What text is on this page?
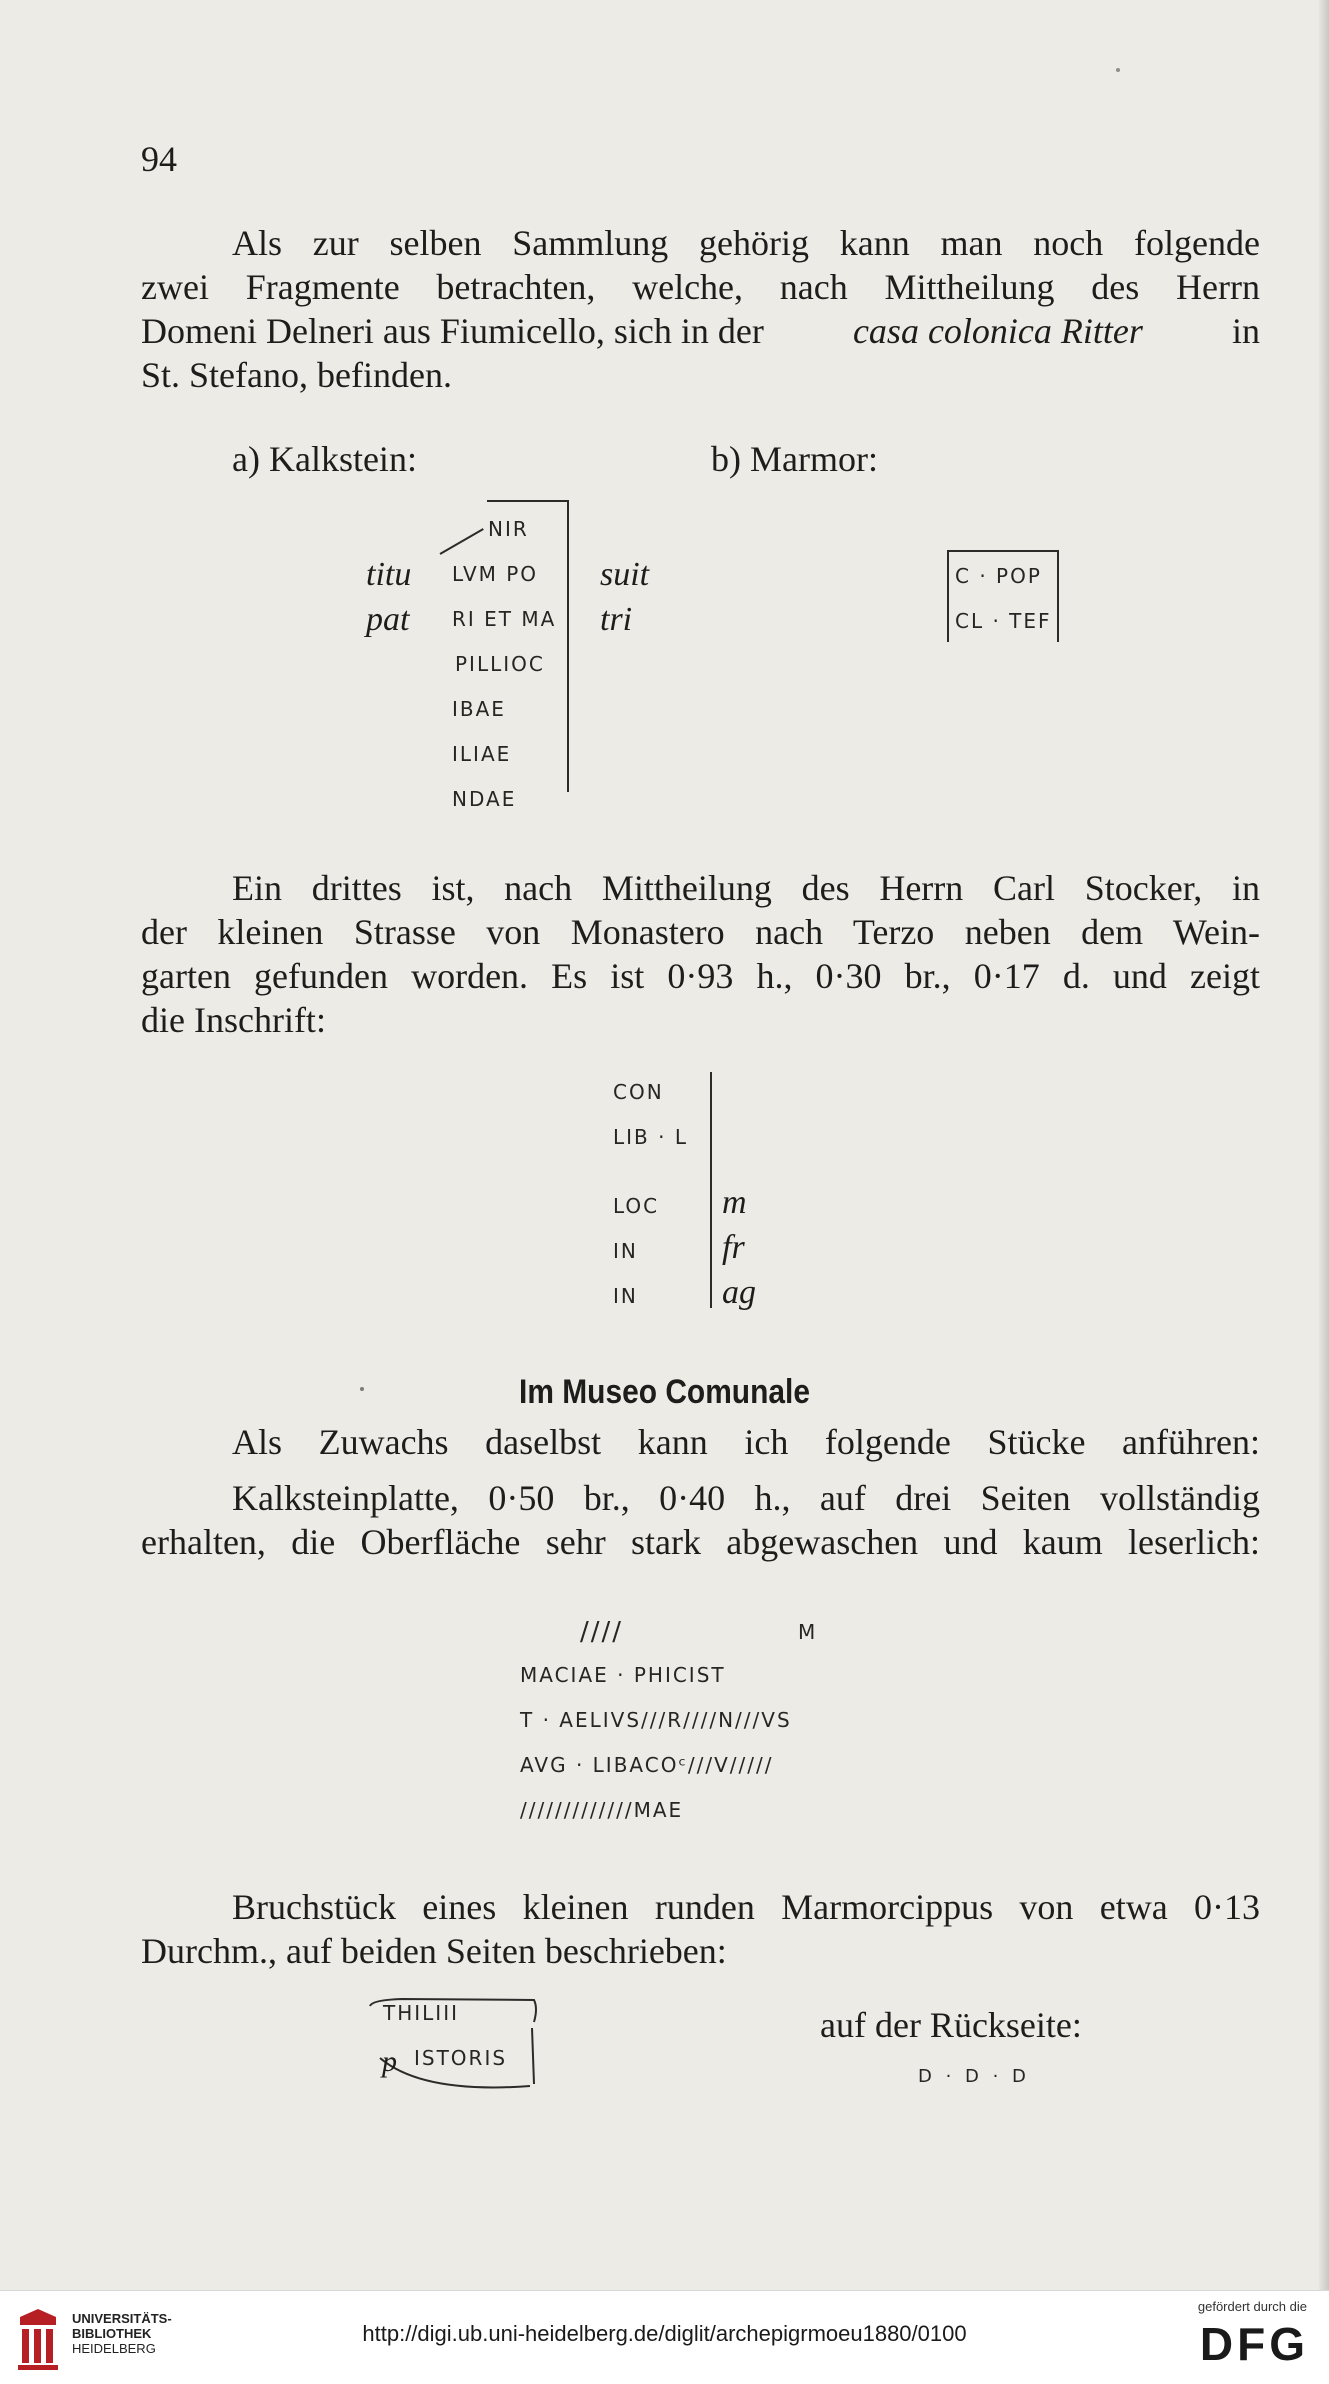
94
Als zur selben Sammlung gehörig kann man noch folgende
zwei Fragmente betrachten, welche, nach Mittheilung des Herrn
Domeni Delneri aus Fiumicello, sich in der casa colonica Ritter in
St. Stefano, befinden.
a) Kalkstein:	b) Marmor:
NIR
LVM PO
RI ET MA
PILLIOC
IBAE
ILIAE
NDAE
titu
pat
suit
tri
C · POP
CL · TEF
Ein drittes ist, nach Mittheilung des Herrn Carl Stocker, in
der kleinen Strasse von Monastero nach Terzo neben dem Wein-
garten gefunden worden. Es ist 0·93 h., 0·30 br., 0·17 d. und zeigt
die Inschrift:
CON
LIB · L
LOC
IN
IN
m
fr
ag
Im Museo Comunale
Als Zuwachs daselbst kann ich folgende Stücke anführen:
Kalksteinplatte, 0·50 br., 0·40 h., auf drei Seiten vollständig
erhalten, die Oberfläche sehr stark abgewaschen und kaum leserlich:
////	M
MACIAE · PHICIST
T · AELIVS///R////N///VS
AVG · LIBACOᶜ///V/////
/////////////MAE
Bruchstück eines kleinen runden Marmorcippus von etwa 0·13
Durchm., auf beiden Seiten beschrieben:
THILIII
p ISTORIS
auf der Rückseite:
D · D · D
UNIVERSITÄTS-
BIBLIOTHEK
HEIDELBERG
http://digi.ub.uni-heidelberg.de/diglit/archepigrmoeu1880/0100
gefördert durch die
DFG
